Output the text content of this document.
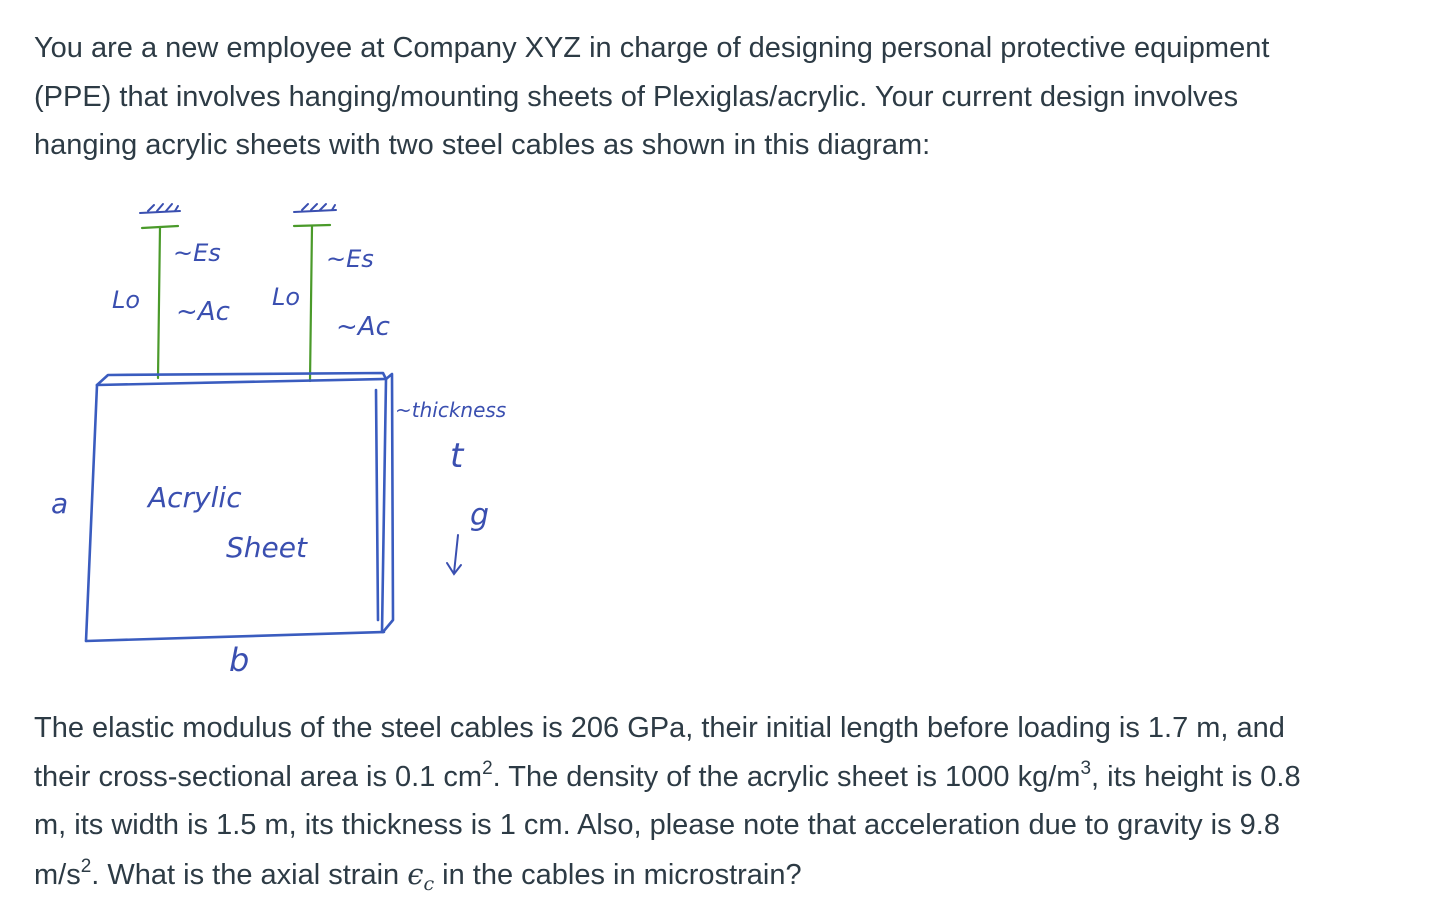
You are a new employee at Company XYZ in charge of designing personal protective equipment
(PPE) that involves hanging/mounting sheets of Plexiglas/acrylic. Your current design involves
hanging acrylic sheets with two steel cables as shown in this diagram:
~Es
~Ac
Lo
~Es
~Ac
Lo
Acrylic
Sheet
a
b
~thickness
t
g
The elastic modulus of the steel cables is 206 GPa, their initial length before loading is 1.7 m, and
their cross-sectional area is 0.1 $cm^2$. The density of the acrylic sheet is 1000 $kg/m^3$, its height is 0.8
m, its width is 1.5 m, its thickness is 1 cm. Also, please note that acceleration due to gravity is 9.8
$m/s^2$. What is the axial strain $\epsilon_c$ in the cables in microstrain?
